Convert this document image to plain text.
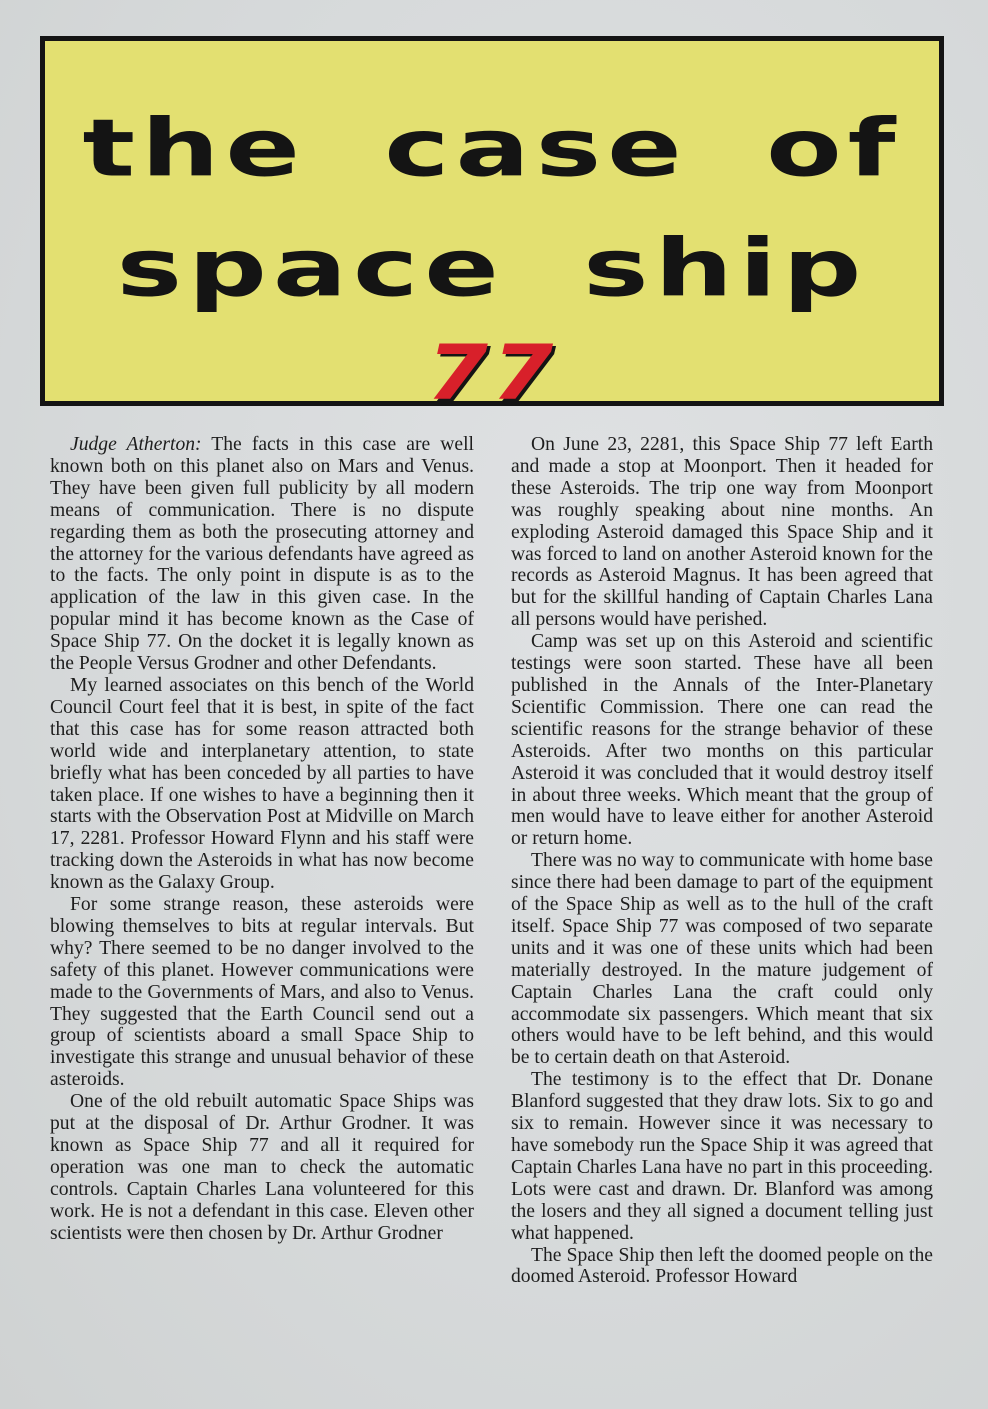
the case of
space ship
77

Judge Atherton: The facts in this case are well known both on this planet also on Mars and Venus. They have been given full publicity by all modern means of communication. There is no dispute regarding them as both the prosecuting attorney and the attorney for the various defendants have agreed as to the facts. The only point in dispute is as to the application of the law in this given case. In the popular mind it has become known as the Case of Space Ship 77. On the docket it is legally known as the People Versus Grodner and other Defendants.

My learned associates on this bench of the World Council Court feel that it is best, in spite of the fact that this case has for some reason attracted both world wide and interplanetary attention, to state briefly what has been conceded by all parties to have taken place. If one wishes to have a beginning then it starts with the Observation Post at Midville on March 17, 2281. Professor Howard Flynn and his staff were tracking down the Asteroids in what has now become known as the Galaxy Group.

For some strange reason, these asteroids were blowing themselves to bits at regular intervals. But why? There seemed to be no danger involved to the safety of this planet. However communications were made to the Governments of Mars, and also to Venus. They suggested that the Earth Council send out a group of scientists aboard a small Space Ship to investigate this strange and unusual behavior of these asteroids.

One of the old rebuilt automatic Space Ships was put at the disposal of Dr. Arthur Grodner. It was known as Space Ship 77 and all it required for operation was one man to check the automatic controls. Captain Charles Lana volunteered for this work. He is not a defendant in this case. Eleven other scientists were then chosen by Dr. Arthur Grodner

On June 23, 2281, this Space Ship 77 left Earth and made a stop at Moonport. Then it headed for these Asteroids. The trip one way from Moonport was roughly speaking about nine months. An exploding Asteroid damaged this Space Ship and it was forced to land on another Asteroid known for the records as Asteroid Magnus. It has been agreed that but for the skillful handing of Captain Charles Lana all persons would have perished.

Camp was set up on this Asteroid and scientific testings were soon started. These have all been published in the Annals of the Inter-Planetary Scientific Commission. There one can read the scientific reasons for the strange behavior of these Asteroids. After two months on this particular Asteroid it was concluded that it would destroy itself in about three weeks. Which meant that the group of men would have to leave either for another Asteroid or return home.

There was no way to communicate with home base since there had been damage to part of the equipment of the Space Ship as well as to the hull of the craft itself. Space Ship 77 was composed of two separate units and it was one of these units which had been materially destroyed. In the mature judgement of Captain Charles Lana the craft could only accommodate six passengers. Which meant that six others would have to be left behind, and this would be to certain death on that Asteroid.

The testimony is to the effect that Dr. Donane Blanford suggested that they draw lots. Six to go and six to remain. However since it was necessary to have somebody run the Space Ship it was agreed that Captain Charles Lana have no part in this proceeding. Lots were cast and drawn. Dr. Blanford was among the losers and they all signed a document telling just what happened.

The Space Ship then left the doomed people on the doomed Asteroid. Professor Howard
